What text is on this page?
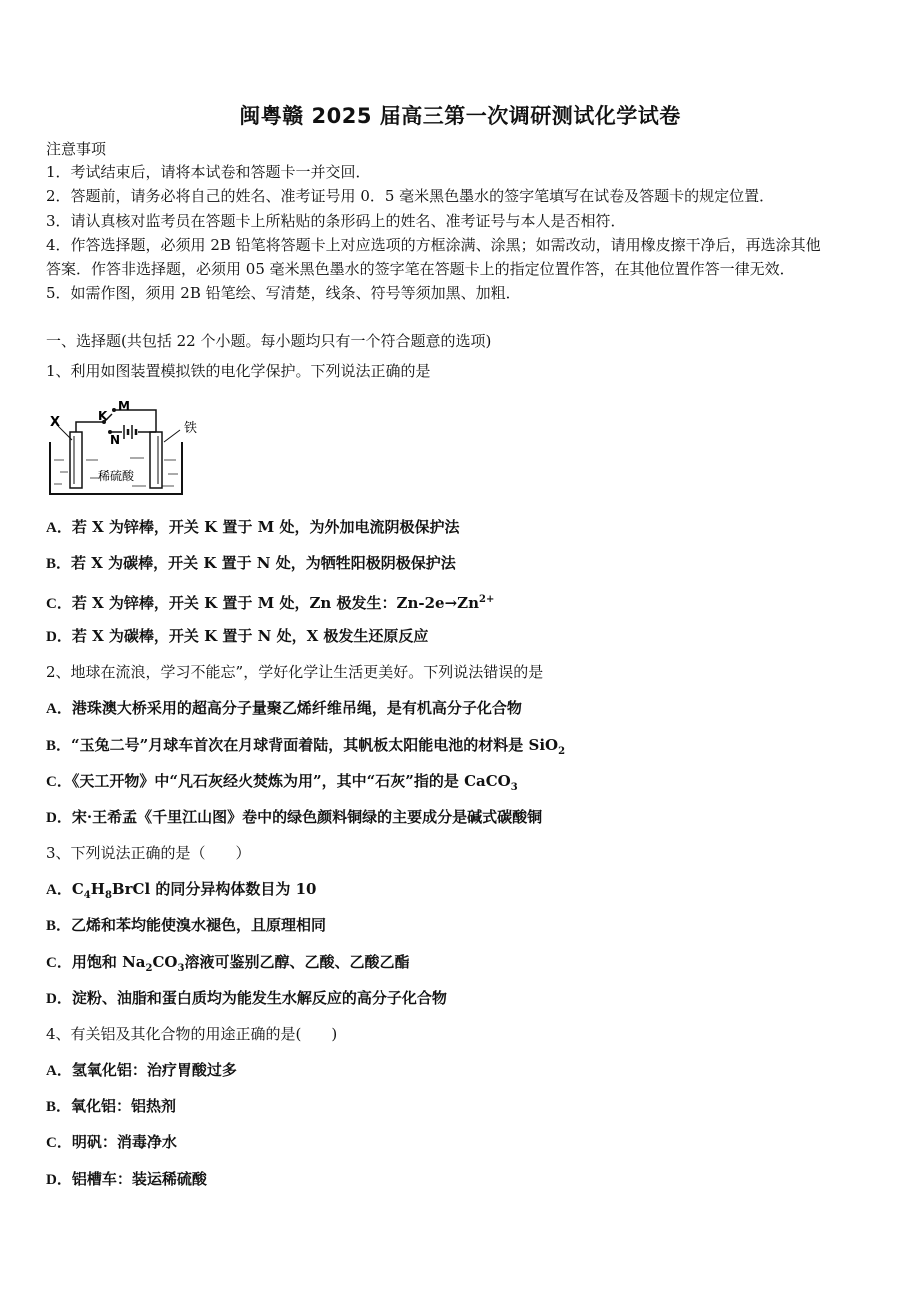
闽粤赣 2025 届高三第一次调研测试化学试卷
注意事项
1．考试结束后，请将本试卷和答题卡一并交回．
2．答题前，请务必将自己的姓名、准考证号用 0．5 毫米黑色墨水的签字笔填写在试卷及答题卡的规定位置．
3．请认真核对监考员在答题卡上所粘贴的条形码上的姓名、准考证号与本人是否相符．
4．作答选择题，必须用 2B 铅笔将答题卡上对应选项的方框涂满、涂黑；如需改动，请用橡皮擦干净后，再选涂其他
答案．作答非选择题，必须用 05 毫米黑色墨水的签字笔在答题卡上的指定位置作答，在其他位置作答一律无效．
5．如需作图，须用 2B 铅笔绘、写清楚，线条、符号等须加黑、加粗．
一、选择题(共包括 22 个小题。每小题均只有一个符合题意的选项)
1、利用如图装置模拟铁的电化学保护。下列说法正确的是
X	K
M
N
铁
稀硫酸
A．若 X 为锌棒，开关 K 置于 M 处，为外加电流阴极保护法
B．若 X 为碳棒，开关 K 置于 N 处，为牺牲阳极阴极保护法
C．若 X 为锌棒，开关 K 置于 M 处，Zn 极发生：$Zn-2e\to Zn^{2+}$
D．若 X 为碳棒，开关 K 置于 N 处，X 极发生还原反应
2、地球在流浪，学习不能忘”，学好化学让生活更美好。下列说法错误的是
A．港珠澳大桥采用的超高分子量聚乙烯纤维吊绳，是有机高分子化合物
B．“玉兔二号”月球车首次在月球背面着陆，其帆板太阳能电池的材料是 SiO$_2$
C．《天工开物》中“凡石灰经火焚炼为用”，其中“石灰”指的是 CaCO$_3$
D．宋·王希孟《千里江山图》卷中的绿色颜料铜绿的主要成分是碱式碳酸铜
3、下列说法正确的是（　　）
A．$C_4H_8BrCl$ 的同分异构体数目为 10
B．乙烯和苯均能使溴水褪色，且原理相同
C．用饱和 $Na_2CO_3$溶液可鉴别乙醇、乙酸、乙酸乙酯
D．淀粉、油脂和蛋白质均为能发生水解反应的高分子化合物
4、有关铝及其化合物的用途正确的是(　　)
A．氢氧化铝：治疗胃酸过多
B．氧化铝：铝热剂
C．明矾：消毒净水
D．铝槽车：装运稀硫酸
